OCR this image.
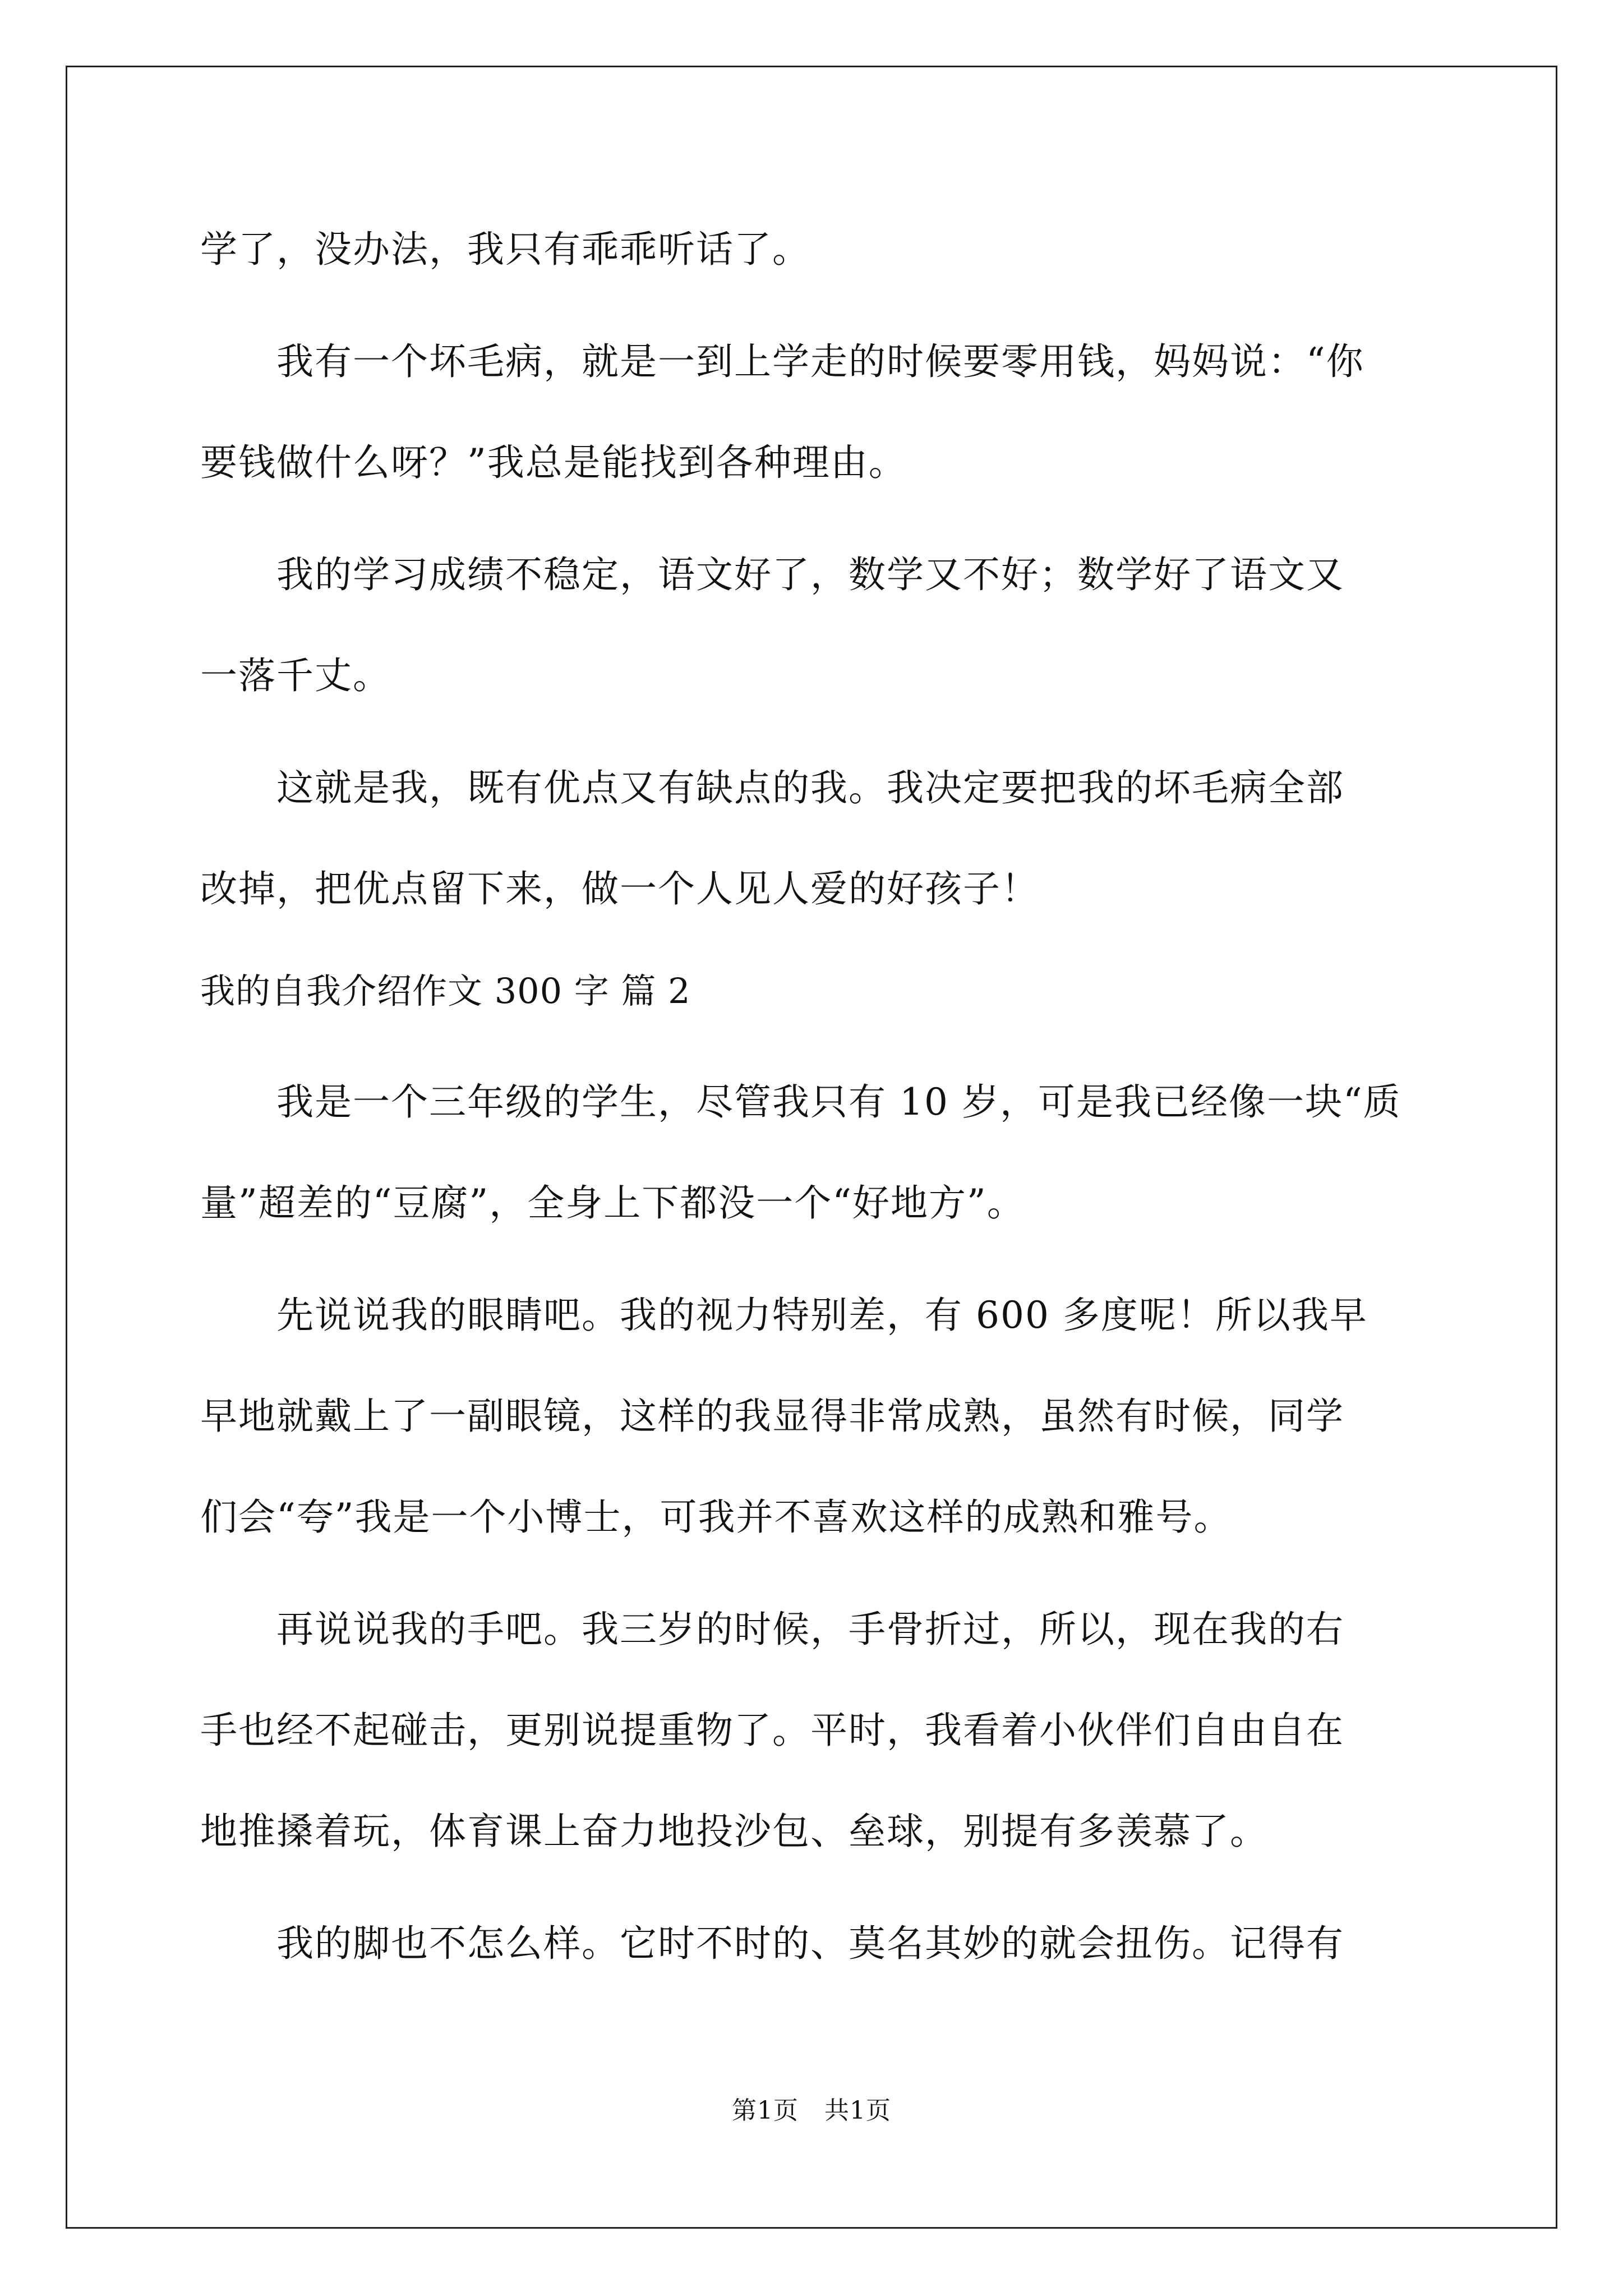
学了，没办法，我只有乖乖听话了。
　　我有一个坏毛病，就是一到上学走的时候要零用钱，妈妈说：“你
要钱做什么呀？”我总是能找到各种理由。
　　我的学习成绩不稳定，语文好了，数学又不好；数学好了语文又
一落千丈。
　　这就是我，既有优点又有缺点的我。我决定要把我的坏毛病全部
改掉，把优点留下来，做一个人见人爱的好孩子！
我的自我介绍作文 300 字 篇 2
　　我是一个三年级的学生，尽管我只有 10 岁，可是我已经像一块“质
量”超差的“豆腐”，全身上下都没一个“好地方”。
　　先说说我的眼睛吧。我的视力特别差，有 600 多度呢！所以我早
早地就戴上了一副眼镜，这样的我显得非常成熟，虽然有时候，同学
们会“夸”我是一个小博士，可我并不喜欢这样的成熟和雅号。
　　再说说我的手吧。我三岁的时候，手骨折过，所以，现在我的右
手也经不起碰击，更别说提重物了。平时，我看着小伙伴们自由自在
地推搡着玩，体育课上奋力地投沙包、垒球，别提有多羡慕了。
　　我的脚也不怎么样。它时不时的、莫名其妙的就会扭伤。记得有
第1页 共1页
